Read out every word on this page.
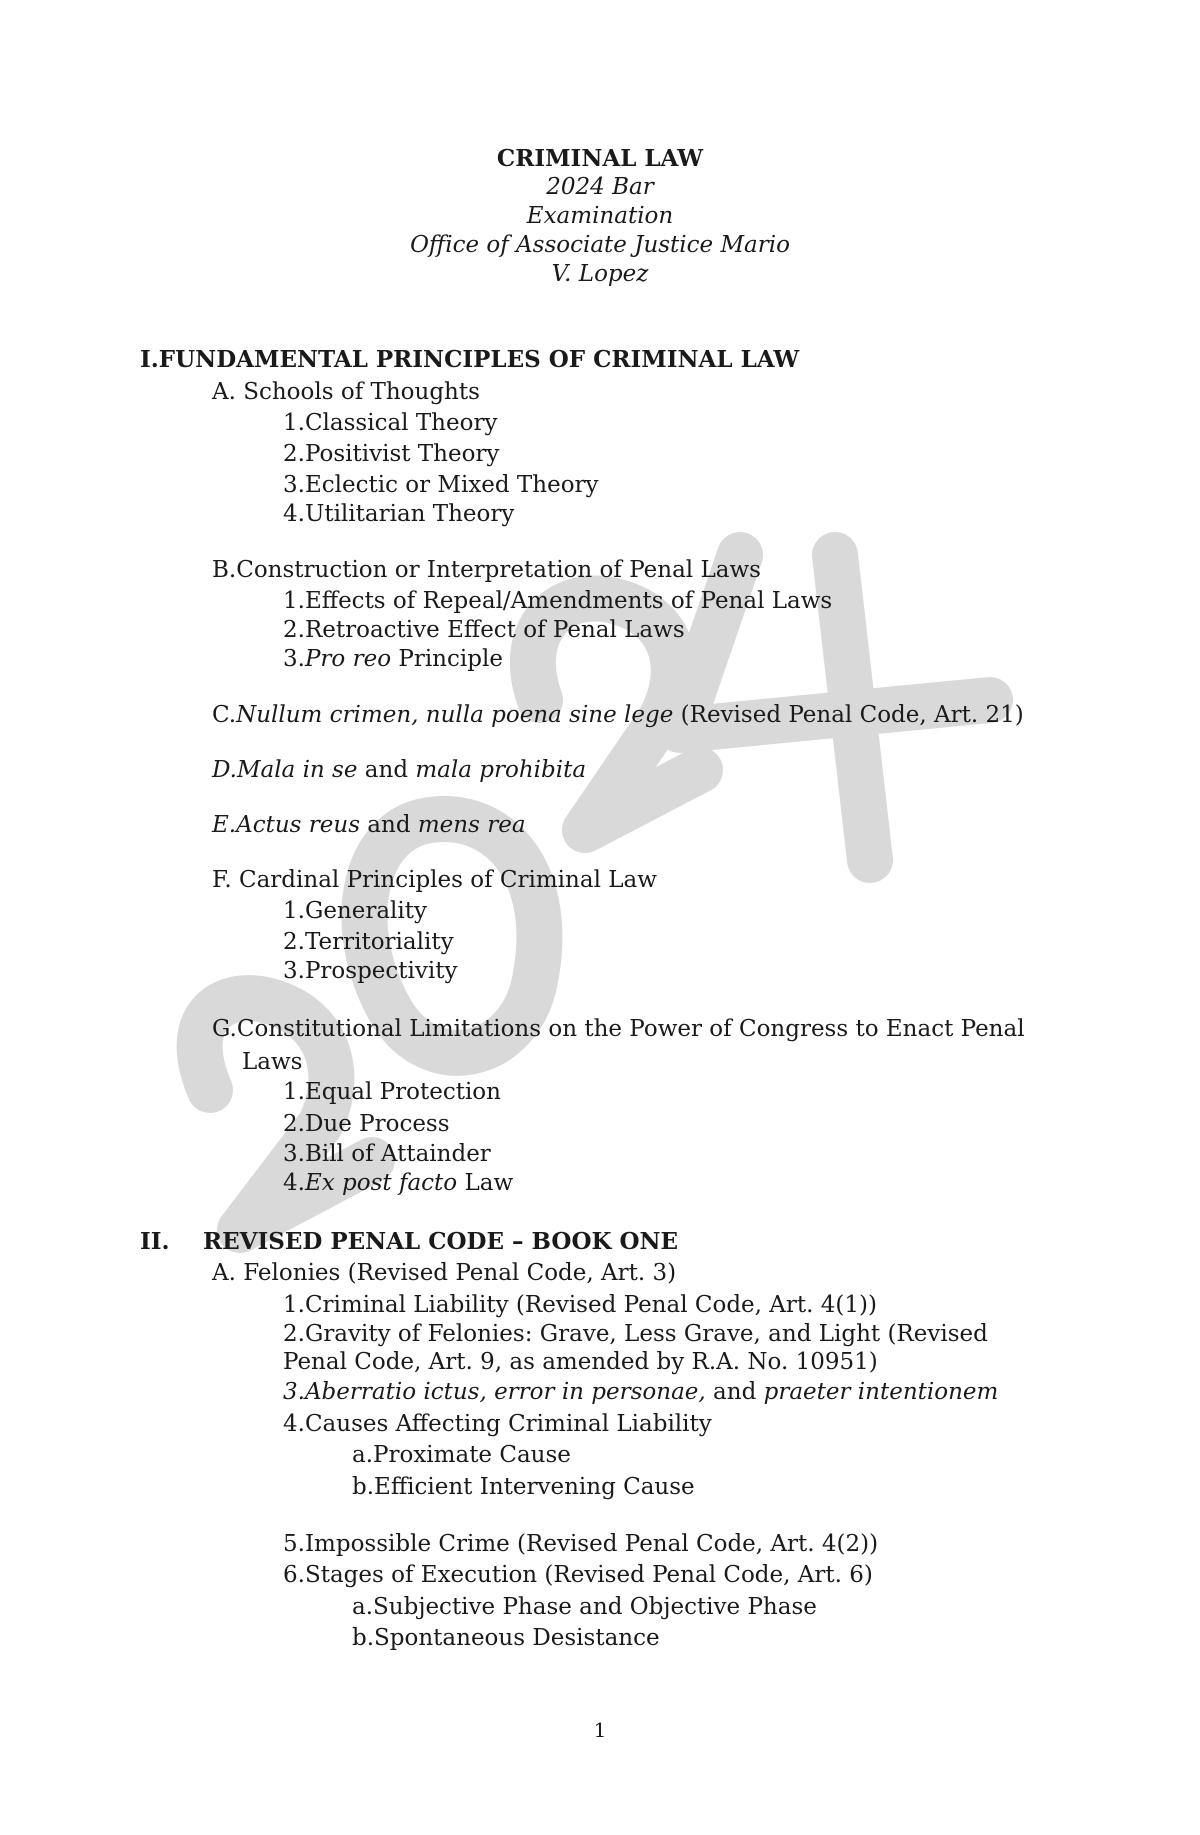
CRIMINAL LAW
2024 Bar
Examination
Office of Associate Justice Mario
V. Lopez
I.FUNDAMENTAL PRINCIPLES OF CRIMINAL LAW
A. Schools of Thoughts
1.Classical Theory
2.Positivist Theory
3.Eclectic or Mixed Theory
4.Utilitarian Theory
B.Construction or Interpretation of Penal Laws
1.Effects of Repeal/Amendments of Penal Laws
2.Retroactive Effect of Penal Laws
3.Pro reo Principle
C.Nullum crimen, nulla poena sine lege (Revised Penal Code, Art. 21)
D.Mala in se and mala prohibita
E.Actus reus and mens rea
F. Cardinal Principles of Criminal Law
1.Generality
2.Territoriality
3.Prospectivity
G.Constitutional Limitations on the Power of Congress to Enact Penal
Laws
1.Equal Protection
2.Due Process
3.Bill of Attainder
4.Ex post facto Law
II. REVISED PENAL CODE – BOOK ONE
A. Felonies (Revised Penal Code, Art. 3)
1.Criminal Liability (Revised Penal Code, Art. 4(1))
2.Gravity of Felonies: Grave, Less Grave, and Light (Revised
Penal Code, Art. 9, as amended by R.A. No. 10951)
3.Aberratio ictus, error in personae, and praeter intentionem
4.Causes Affecting Criminal Liability
a.Proximate Cause
b.Efficient Intervening Cause
5.Impossible Crime (Revised Penal Code, Art. 4(2))
6.Stages of Execution (Revised Penal Code, Art. 6)
a.Subjective Phase and Objective Phase
b.Spontaneous Desistance
1
